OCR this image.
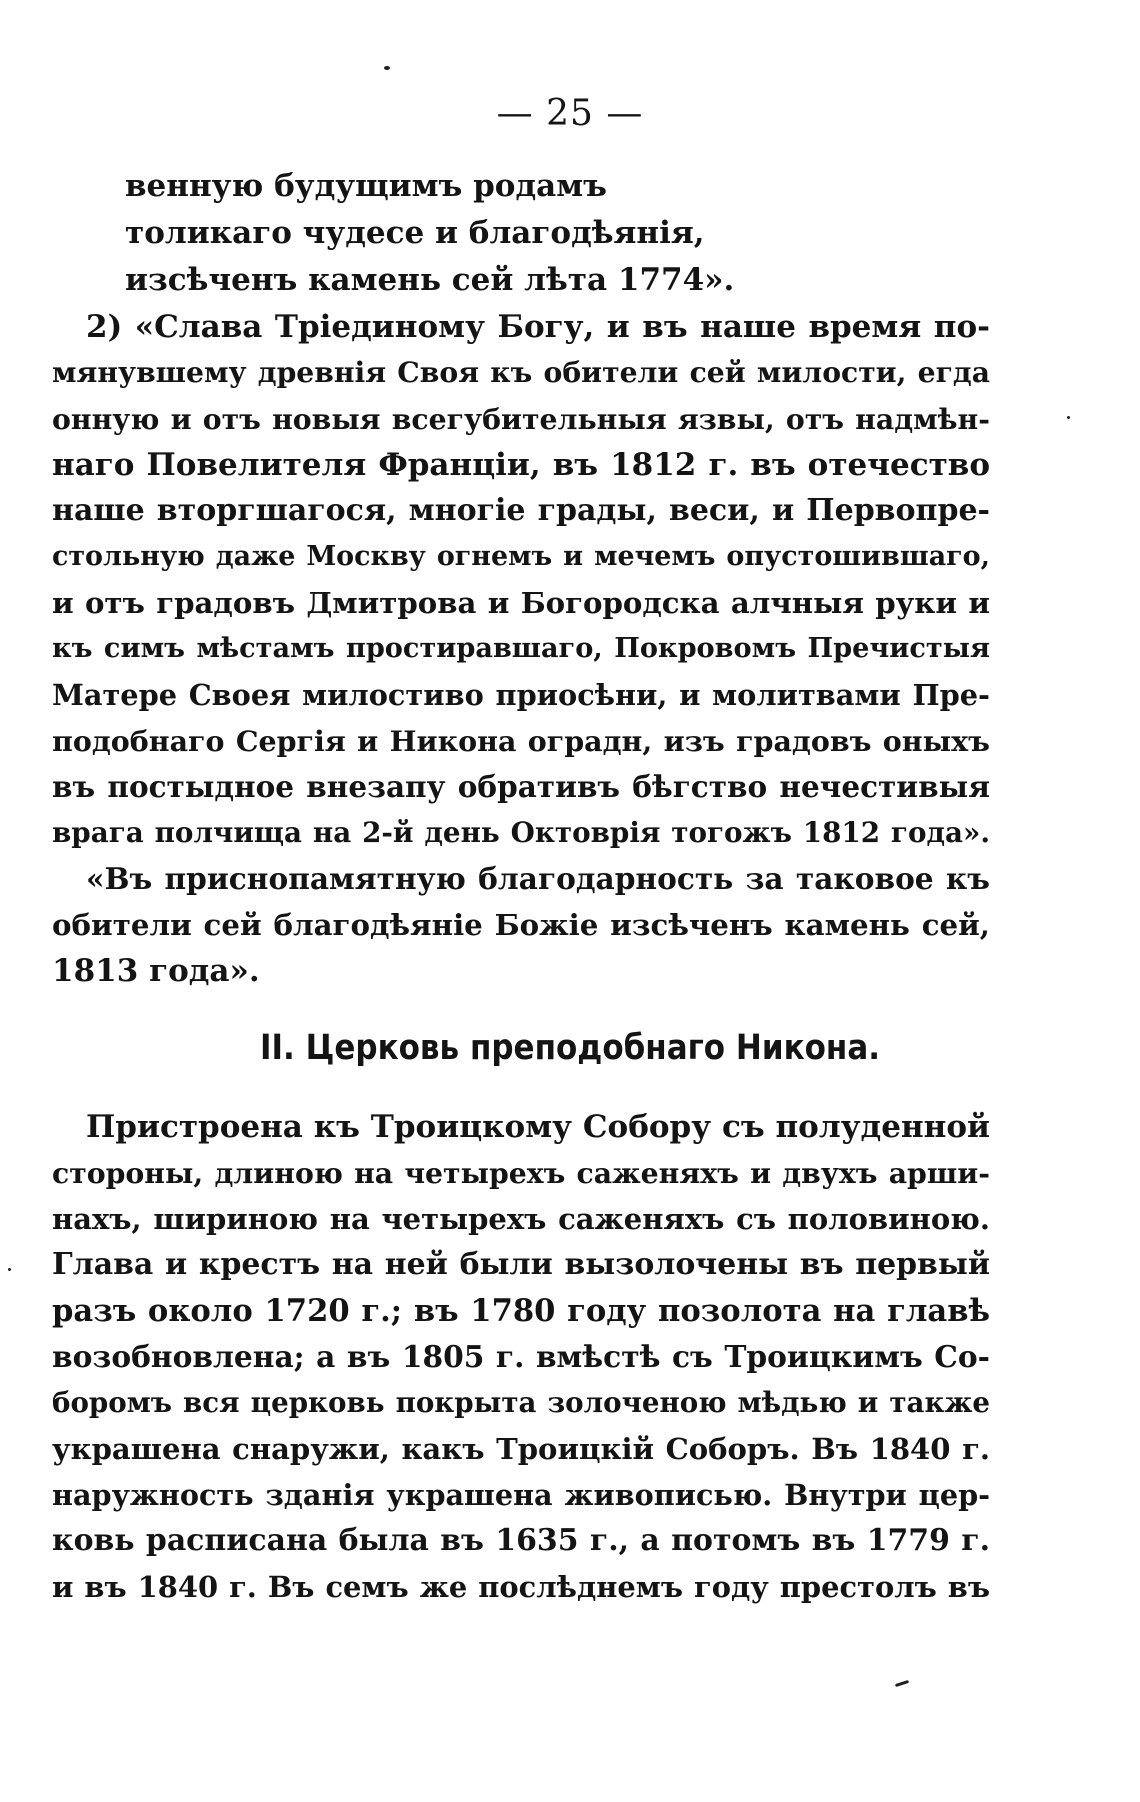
— 25 —
венную будущимъ родамъ
толикаго чудесе и благодѣянія,
изсѣченъ камень сей лѣта 1774».
2) «Слава Тріединому Богу, и въ наше время по-
мянувшему древнія Своя къ обители сей милости, егда
онную и отъ новыя всегубительныя язвы, отъ надмѣн-
наго Повелителя Франціи, въ 1812 г. въ отечество
наше вторгшагося, многіе грады, веси, и Первопре-
стольную даже Москву огнемъ и мечемъ опустошившаго,
и отъ градовъ Дмитрова и Богородска алчныя руки и
къ симъ мѣстамъ простиравшаго, Покровомъ Пречистыя
Матере Своея милостиво приосѣни, и молитвами Пре-
подобнаго Сергія и Никона оградн, изъ градовъ оныхъ
въ постыдное внезапу обративъ бѣгство нечестивыя
врага полчища на 2-й день Октоврія тогожъ 1812 года».
«Въ приснопамятную благодарность за таковое къ
обители сей благодѣяніе Божіе изсѣченъ камень сей,
1813 года».
II. Церковь преподобнаго Никона.
Пристроена къ Троицкому Собору съ полуденной
стороны, длиною на четырехъ саженяхъ и двухъ арши-
нахъ, шириною на четырехъ саженяхъ съ половиною.
Глава и крестъ на ней были вызолочены въ первый
разъ около 1720 г.; въ 1780 году позолота на главѣ
возобновлена; а въ 1805 г. вмѣстѣ съ Троицкимъ Со-
боромъ вся церковь покрыта золоченою мѣдью и также
украшена снаружи, какъ Троицкій Соборъ. Въ 1840 г.
наружность зданія украшена живописью. Внутри цер-
ковь расписана была въ 1635 г., а потомъ въ 1779 г.
и въ 1840 г. Въ семъ же послѣднемъ году престолъ въ
